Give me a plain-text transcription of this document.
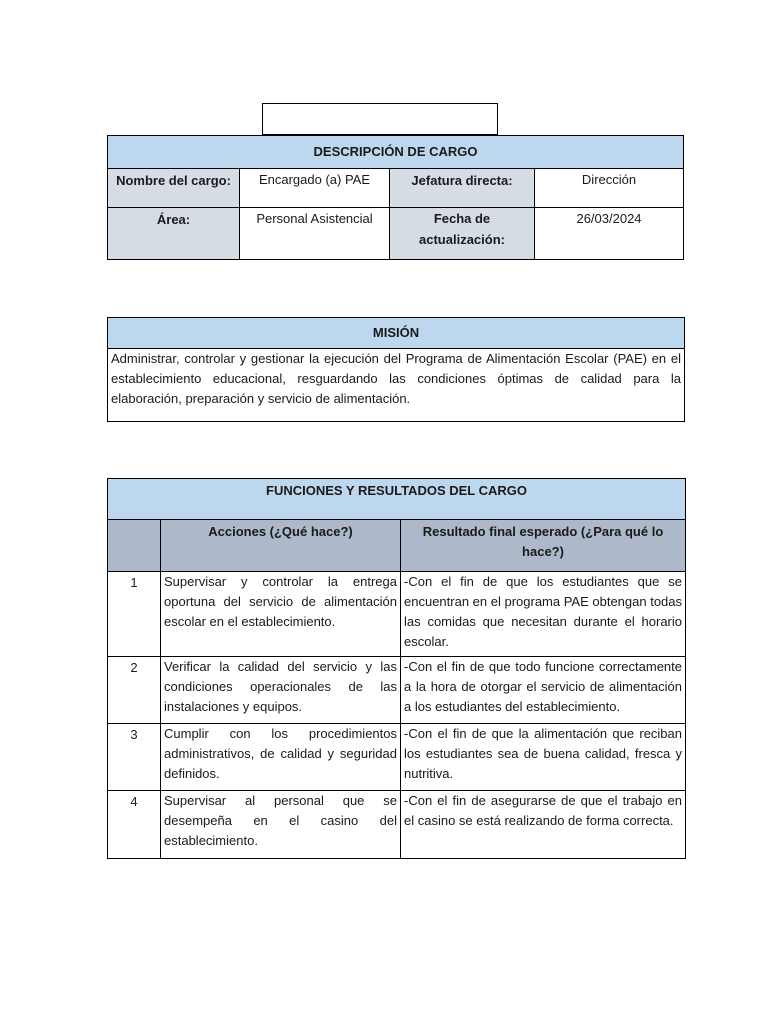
DESCRIPCIÓN DE CARGO			
Nombre del cargo:	Encargado (a) PAE	Jefatura directa:	Dirección
Área:	Personal Asistencial	Fecha de actualización:	26/03/2024
MISIÓN
Administrar, controlar y gestionar la ejecución del Programa de Alimentación Escolar (PAE) en el establecimiento educacional, resguardando las condiciones óptimas de calidad para la elaboración, preparación y servicio de alimentación.
FUNCIONES Y RESULTADOS DEL CARGO		
	Acciones (¿Qué hace?)	Resultado final esperado (¿Para qué lo hace?)
1	Supervisar y controlar la entrega oportuna del servicio de alimentación escolar en el establecimiento.	-Con el fin de que los estudiantes que se encuentran en el programa PAE obtengan todas las comidas que necesitan durante el horario escolar.
2	Verificar la calidad del servicio y las condiciones operacionales de las instalaciones y equipos.	-Con el fin de que todo funcione correctamente a la hora de otorgar el servicio de alimentación a los estudiantes del establecimiento.
3	Cumplir con los procedimientos administrativos, de calidad y seguridad definidos.	-Con el fin de que la alimentación que reciban los estudiantes sea de buena calidad, fresca y nutritiva.
4	Supervisar al personal que se desempeña en el casino del establecimiento.	-Con el fin de asegurarse de que el trabajo en el casino se está realizando de forma correcta.
